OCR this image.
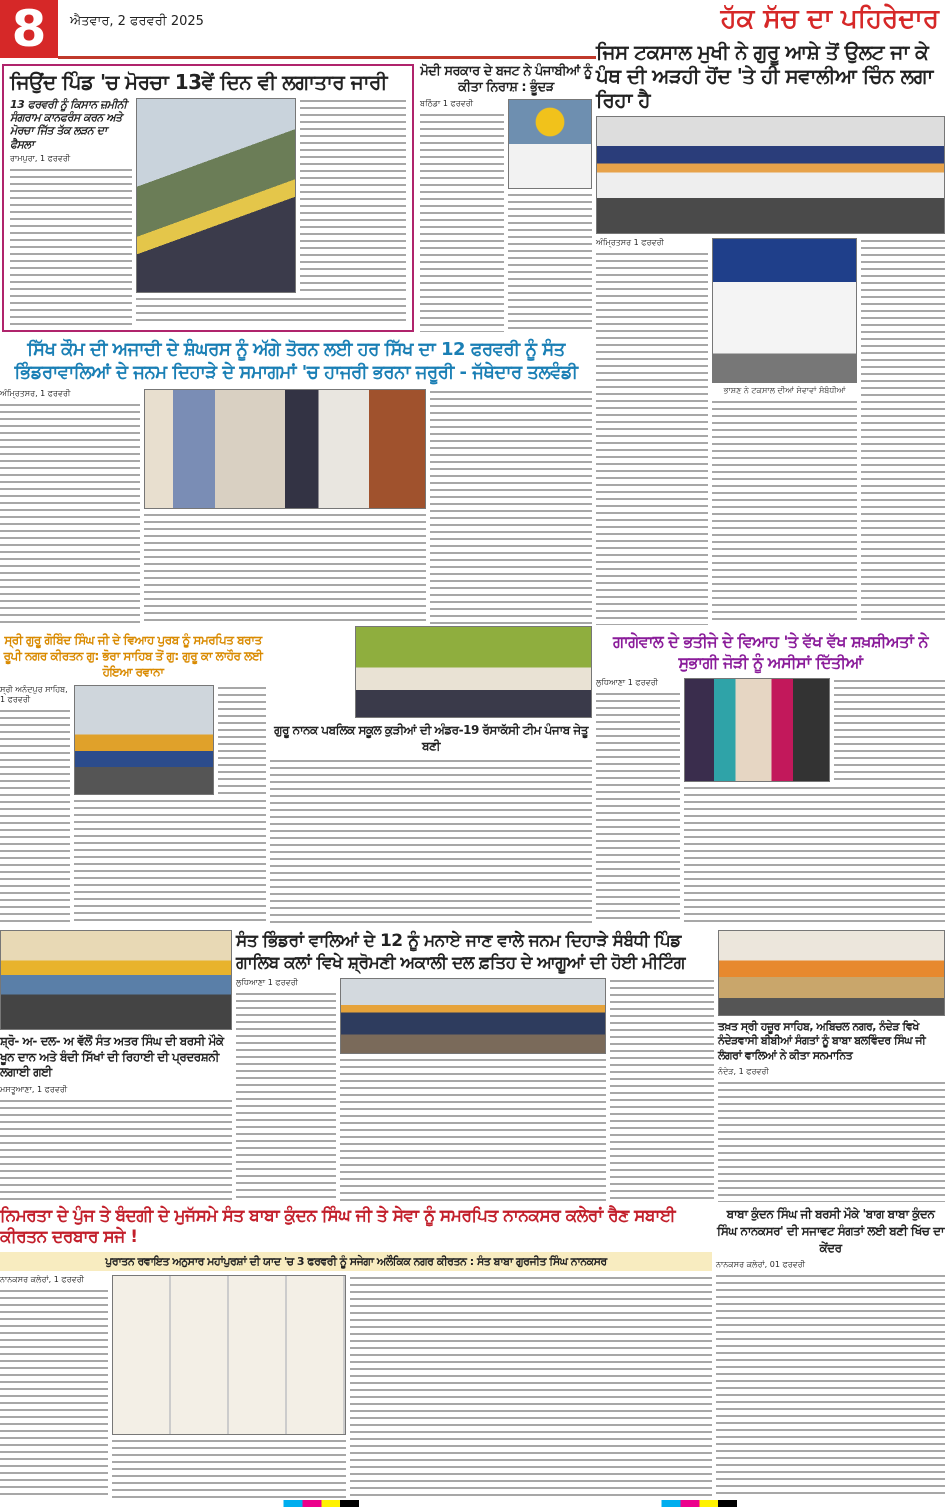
8	ਐਤਵਾਰ, 2 ਫਰਵਰੀ 2025	ਹੱਕ ਸੱਚ ਦਾ ਪਹਿਰੇਦਾਰ
ਜਿਉਂਦ ਪਿੰਡ 'ਚ ਮੋਰਚਾ 13ਵੇਂ ਦਿਨ ਵੀ ਲਗਾਤਾਰ ਜਾਰੀ
13 ਫਰਵਰੀ ਨੂੰ ਕਿਸਾਨ ਜ਼ਮੀਨੀ ਸੰਗਰਾਮ ਕਾਨਫਰੰਸ ਕਰਨ ਅਤੇ ਮੋਰਚਾ ਜਿੱਤ ਤੱਕ ਲੜਨ ਦਾ ਫੈਸਲਾ
ਰਾਮਪੁਰਾ, 1 ਫਰਵਰੀ
ਮੋਦੀ ਸਰਕਾਰ ਦੇ ਬਜਟ ਨੇ ਪੰਜਾਬੀਆਂ ਨੂੰ ਕੀਤਾ ਨਿਰਾਸ਼ : ਭੂੰਦੜ
ਬਠਿੰਡਾ 1 ਫਰਵਰੀ
ਜਿਸ ਟਕਸਾਲ ਮੁਖੀ ਨੇ ਗੁਰੂ ਆਸ਼ੇ ਤੋਂ ਉਲਟ ਜਾ ਕੇ ਪੰਥ ਦੀ ਅੜਹੀ ਹੋਂਦ 'ਤੇ ਹੀ ਸਵਾਲੀਆ ਚਿੰਨ ਲਗਾ ਰਿਹਾ ਹੈ
ਅੰਮ੍ਰਿਤਸਰ 1 ਫਰਵਰੀ
ਭਾਸ਼ਣ ਨੇ ਟਕਸਾਲ ਦੀਆਂ ਸੇਵਾਵਾਂ ਸੰਬੰਧੀਆਂ
ਸਿੱਖ ਕੌਮ ਦੀ ਅਜਾਦੀ ਦੇ ਸ਼ੰਘਰਸ ਨੂੰ ਅੱਗੇ ਤੋਰਨ ਲਈ ਹਰ ਸਿੱਖ ਦਾ 12 ਫਰਵਰੀ ਨੂੰ ਸੰਤ ਭਿੰਡਰਾਵਾਲਿਆਂ ਦੇ ਜਨਮ ਦਿਹਾੜੇ ਦੇ ਸਮਾਗਮਾਂ 'ਚ ਹਾਜਰੀ ਭਰਨਾ ਜਰੂਰੀ - ਜੱਥੇਦਾਰ ਤਲਵੰਡੀ
ਅੰਮ੍ਰਿਤਸਰ, 1 ਫਰਵਰੀ
ਸ੍ਰੀ ਗੁਰੂ ਗੋਬਿੰਦ ਸਿੰਘ ਜੀ ਦੇ ਵਿਆਹ ਪੁਰਬ ਨੂੰ ਸਮਰਪਿਤ ਬਰਾਤ ਰੂਪੀ ਨਗਰ ਕੀਰਤਨ ਗੁ: ਭੋਰਾ ਸਾਹਿਬ ਤੋਂ ਗੁ: ਗੁਰੂ ਕਾ ਲਾਹੌਰ ਲਈ ਹੋਇਆ ਰਵਾਨਾ
ਸ੍ਰੀ ਅਨੰਦਪੁਰ ਸਾਹਿਬ, 1 ਫਰਵਰੀ
ਗੁਰੂ ਨਾਨਕ ਪਬਲਿਕ ਸਕੂਲ ਕੁੜੀਆਂ ਦੀ ਅੰਡਰ-19 ਰੱਸਾਕੱਸੀ ਟੀਮ ਪੰਜਾਬ ਜੇਤੂ ਬਣੀ
ਗਾਗੇਵਾਲ ਦੇ ਭਤੀਜੇ ਦੇ ਵਿਆਹ 'ਤੇ ਵੱਖ ਵੱਖ ਸ਼ਖ਼ਸ਼ੀਅਤਾਂ ਨੇ ਸੁਭਾਗੀ ਜੋੜੀ ਨੂੰ ਅਸੀਸਾਂ ਦਿੱਤੀਆਂ
ਲੁਧਿਆਣਾ 1 ਫਰਵਰੀ
ਸ਼੍ਰੋ- ਅ- ਦਲ- ਅ ਵੱਲੋਂ ਸੰਤ ਅਤਰ ਸਿੰਘ ਦੀ ਬਰਸੀ ਮੌਕੇ ਖੂਨ ਦਾਨ ਅਤੇ ਬੰਦੀ ਸਿੱਖਾਂ ਦੀ ਰਿਹਾਈ ਦੀ ਪ੍ਰਦਰਸ਼ਨੀ ਲਗਾਈ ਗਈ
ਮਸਤੂਆਣਾ, 1 ਫਰਵਰੀ
ਸੰਤ ਭਿੰਡਰਾਂ ਵਾਲਿਆਂ ਦੇ 12 ਨੂੰ ਮਨਾਏ ਜਾਣ ਵਾਲੇ ਜਨਮ ਦਿਹਾੜੇ ਸੰਬੰਧੀ ਪਿੰਡ ਗਾਲਿਬ ਕਲਾਂ ਵਿਖੇ ਸ਼੍ਰੋਮਣੀ ਅਕਾਲੀ ਦਲ ਫ਼ਤਿਹ ਦੇ ਆਗੂਆਂ ਦੀ ਹੋਈ ਮੀਟਿੰਗ
ਲੁਧਿਆਣਾ 1 ਫਰਵਰੀ
ਤਖ਼ਤ ਸ੍ਰੀ ਹਜ਼ੂਰ ਸਾਹਿਬ, ਅਬਿਚਲ ਨਗਰ, ਨੰਦੇੜ ਵਿਖੇ ਨੰਦੇੜਵਾਸੀ ਬੀਬੀਆਂ ਸੰਗਤਾਂ ਨੂੰ ਬਾਬਾ ਬਲਵਿੰਦਰ ਸਿੰਘ ਜੀ ਲੰਗਰਾਂ ਵਾਲਿਆਂ ਨੇ ਕੀਤਾ ਸਨਮਾਨਿਤ
ਨੰਦੇੜ, 1 ਫਰਵਰੀ
ਨਿਮਰਤਾ ਦੇ ਪੁੰਜ ਤੇ ਬੰਦਗੀ ਦੇ ਮੁਜੱਸਮੇ ਸੰਤ ਬਾਬਾ ਕੁੰਦਨ ਸਿੰਘ ਜੀ ਤੇ ਸੇਵਾ ਨੂੰ ਸਮਰਪਿਤ ਨਾਨਕਸਰ ਕਲੇਰਾਂ ਰੈਣ ਸਬਾਈ ਕੀਰਤਨ ਦਰਬਾਰ ਸਜੇ !
ਪੁਰਾਤਨ ਰਵਾਇਤ ਅਨੁਸਾਰ ਮਹਾਂਪੁਰਸ਼ਾਂ ਦੀ ਯਾਦ 'ਚ 3 ਫਰਵਰੀ ਨੂੰ ਸਜੇਗਾ ਅਲੌਕਿਕ ਨਗਰ ਕੀਰਤਨ : ਸੰਤ ਬਾਬਾ ਗੁਰਜੀਤ ਸਿੰਘ ਨਾਨਕਸਰ
ਨਾਨਕਸਰ ਕਲੇਰਾਂ, 1 ਫਰਵਰੀ
ਬਾਬਾ ਕੁੰਦਨ ਸਿੰਘ ਜੀ ਬਰਸੀ ਮੌਕੇ 'ਬਾਗ ਬਾਬਾ ਕੁੰਦਨ ਸਿੰਘ ਨਾਨਕਸਰ' ਦੀ ਸਜਾਵਟ ਸੰਗਤਾਂ ਲਈ ਬਣੀ ਖਿੱਚ ਦਾ ਕੇਂਦਰ
ਨਾਨਕਸਰ ਕਲੇਰਾਂ, 01 ਫਰਵਰੀ
